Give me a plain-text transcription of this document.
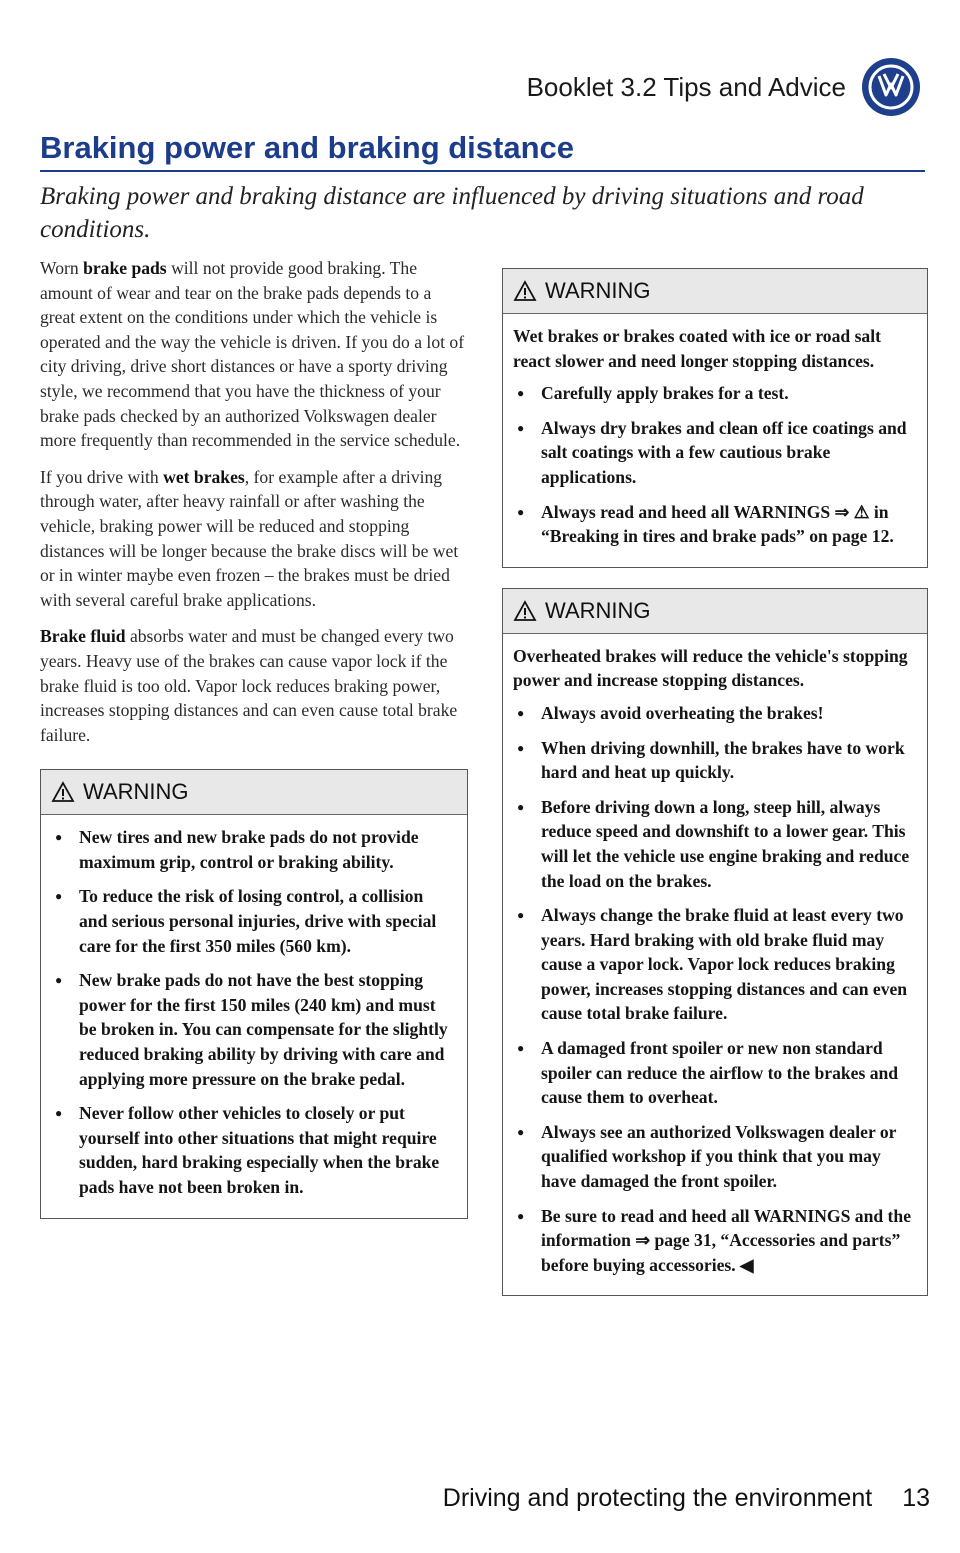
Booklet 3.2 Tips and Advice
Braking power and braking distance
Braking power and braking distance are influenced by driving situations and road conditions.

Worn brake pads will not provide good braking. The amount of wear and tear on the brake pads depends to a great extent on the conditions under which the vehicle is operated and the way the vehicle is driven. If you do a lot of city driving, drive short distances or have a sporty driving style, we recommend that you have the thickness of your brake pads checked by an authorized Volkswagen dealer more frequently than recommended in the service schedule.

If you drive with wet brakes, for example after a driving through water, after heavy rainfall or after washing the vehicle, braking power will be reduced and stopping distances will be longer because the brake discs will be wet or in winter maybe even frozen – the brakes must be dried with several careful brake applications.

Brake fluid absorbs water and must be changed every two years. Heavy use of the brakes can cause vapor lock if the brake fluid is too old. Vapor lock reduces braking power, increases stopping distances and can even cause total brake failure.

WARNING
● New tires and new brake pads do not provide maximum grip, control or braking ability.
● To reduce the risk of losing control, a collision and serious personal injuries, drive with special care for the first 350 miles (560 km).
● New brake pads do not have the best stopping power for the first 150 miles (240 km) and must be broken in. You can compensate for the slightly reduced braking ability by driving with care and applying more pressure on the brake pedal.
● Never follow other vehicles to closely or put yourself into other situations that might require sudden, hard braking especially when the brake pads have not been broken in.
WARNING

Wet brakes or brakes coated with ice or road salt react slower and need longer stopping distances.

● Carefully apply brakes for a test.
● Always dry brakes and clean off ice coatings and salt coatings with a few cautious brake applications.
● Always read and heed all WARNINGS ⇒ ⚠ in “Breaking in tires and brake pads” on page 12.
WARNING

Overheated brakes will reduce the vehicle's stopping power and increase stopping distances.

● Always avoid overheating the brakes!
● When driving downhill, the brakes have to work hard and heat up quickly.
● Before driving down a long, steep hill, always reduce speed and downshift to a lower gear. This will let the vehicle use engine braking and reduce the load on the brakes.
● Always change the brake fluid at least every two years. Hard braking with old brake fluid may cause a vapor lock. Vapor lock reduces braking power, increases stopping distances and can even cause total brake failure.
● A damaged front spoiler or new non standard spoiler can reduce the airflow to the brakes and cause them to overheat.
● Always see an authorized Volkswagen dealer or qualified workshop if you think that you may have damaged the front spoiler.
● Be sure to read and heed all WARNINGS and the information ⇒ page 31, “Accessories and parts” before buying accessories. ◀
Driving and protecting the environment 13
